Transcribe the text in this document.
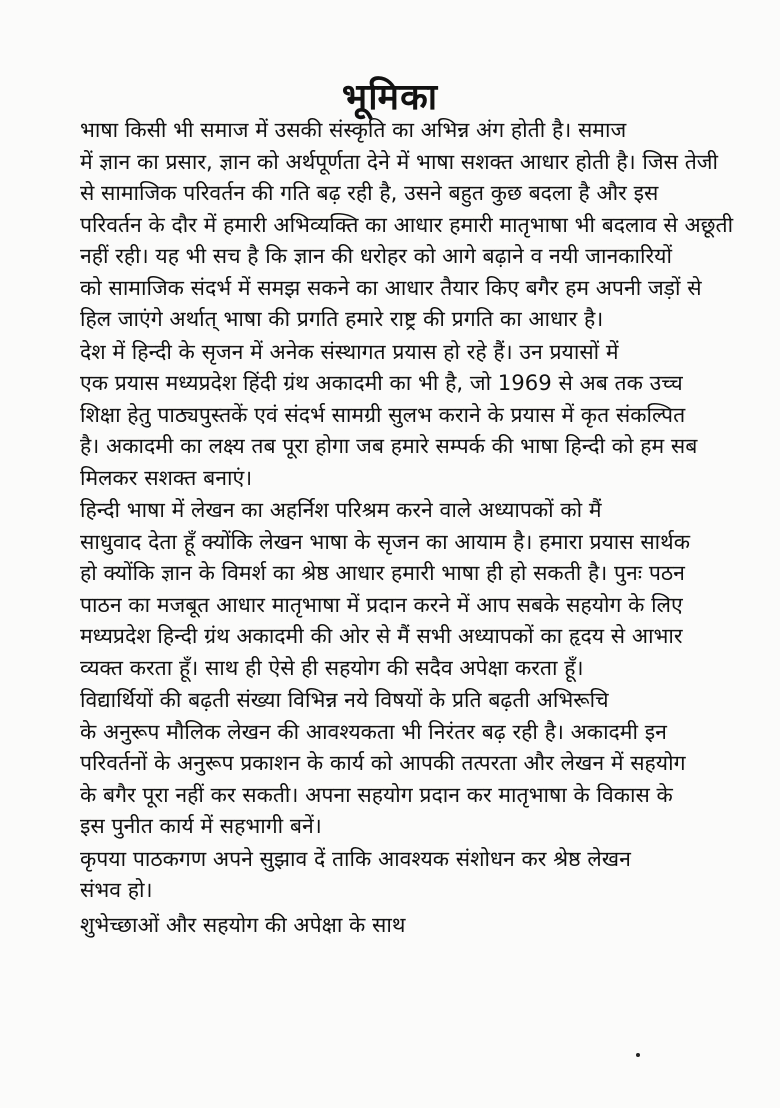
भूमिका

भाषा किसी भी समाज में उसकी संस्कृति का अभिन्न अंग होती है। समाज
में ज्ञान का प्रसार, ज्ञान को अर्थपूर्णता देने में भाषा सशक्त आधार होती है। जिस तेजी
से सामाजिक परिवर्तन की गति बढ़ रही है, उसने बहुत कुछ बदला है और इस
परिवर्तन के दौर में हमारी अभिव्यक्ति का आधार हमारी मातृभाषा भी बदलाव से अछूती
नहीं रही। यह भी सच है कि ज्ञान की धरोहर को आगे बढ़ाने व नयी जानकारियों
को सामाजिक संदर्भ में समझ सकने का आधार तैयार किए बगैर हम अपनी जड़ों से
हिल जाएंगे अर्थात् भाषा की प्रगति हमारे राष्ट्र की प्रगति का आधार है।

देश में हिन्दी के सृजन में अनेक संस्थागत प्रयास हो रहे हैं। उन प्रयासों में
एक प्रयास मध्यप्रदेश हिंदी ग्रंथ अकादमी का भी है, जो 1969 से अब तक उच्च
शिक्षा हेतु पाठ्यपुस्तकें एवं संदर्भ सामग्री सुलभ कराने के प्रयास में कृत संकल्पित
है। अकादमी का लक्ष्य तब पूरा होगा जब हमारे सम्पर्क की भाषा हिन्दी को हम सब
मिलकर सशक्त बनाएं।

हिन्दी भाषा में लेखन का अहर्निश परिश्रम करने वाले अध्यापकों को मैं
साधुवाद देता हूँ क्योंकि लेखन भाषा के सृजन का आयाम है। हमारा प्रयास सार्थक
हो क्योंकि ज्ञान के विमर्श का श्रेष्ठ आधार हमारी भाषा ही हो सकती है। पुनः पठन
पाठन का मजबूत आधार मातृभाषा में प्रदान करने में आप सबके सहयोग के लिए
मध्यप्रदेश हिन्दी ग्रंथ अकादमी की ओर से मैं सभी अध्यापकों का हृदय से आभार
व्यक्त करता हूँ। साथ ही ऐसे ही सहयोग की सदैव अपेक्षा करता हूँ।

विद्यार्थियों की बढ़ती संख्या विभिन्न नये विषयों के प्रति बढ़ती अभिरूचि
के अनुरूप मौलिक लेखन की आवश्यकता भी निरंतर बढ़ रही है। अकादमी इन
परिवर्तनों के अनुरूप प्रकाशन के कार्य को आपकी तत्परता और लेखन में सहयोग
के बगैर पूरा नहीं कर सकती। अपना सहयोग प्रदान कर मातृभाषा के विकास के
इस पुनीत कार्य में सहभागी बनें।

कृपया पाठकगण अपने सुझाव दें ताकि आवश्यक संशोधन कर श्रेष्ठ लेखन
संभव हो।

शुभेच्छाओं और सहयोग की अपेक्षा के साथ
